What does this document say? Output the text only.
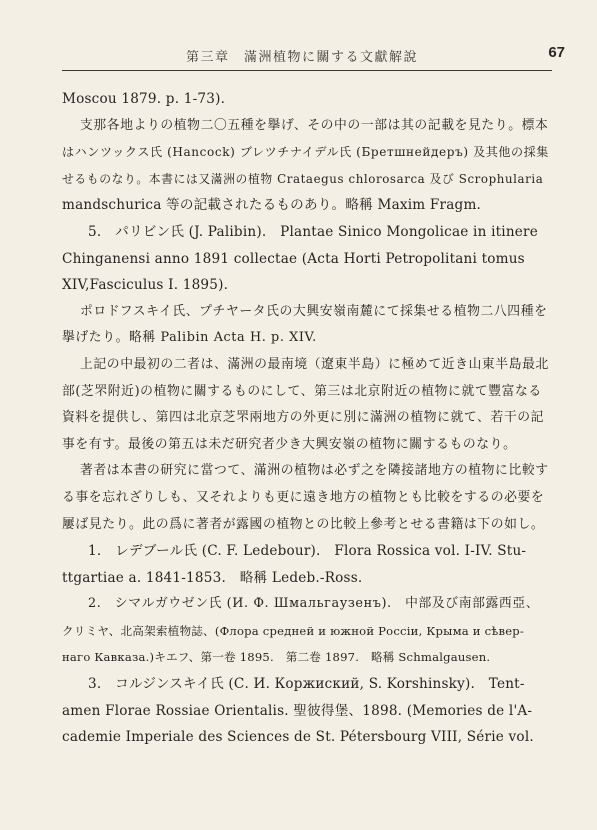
第三章　滿洲植物に關する文獻解說	67
Moscou 1879. p. 1-73).
支那各地よりの植物二〇五種を擧げ、その中の一部は其の記載を見たり。標本
はハンツックス氏 (Hancock) ブレツチナイデル氏 (Бретшнейдеръ) 及其他の採集
せるものなり。本書には又滿洲の植物 Crataegus chlorosarca 及び Scrophularia
mandschurica 等の記載されたるものあり。略稱 Maxim Fragm.
5.　パリビン氏 (J. Palibin).　Plantae Sinico Mongolicae in itinere
Chinganensi anno 1891 collectae (Acta Horti Petropolitani tomus
XIV,Fasciculus I. 1895).
ポロドフスキイ氏、プチヤータ氏の大興安嶺南麓にて採集せる植物二八四種を
擧げたり。略稱 Palibin Acta H. p. XIV.
上記の中最初の二者は、滿洲の最南境（遼東半島）に極めて近き山東半島最北
部(芝罘附近)の植物に關するものにして、第三は北京附近の植物に就て豐富なる
資料を提供し、第四は北京芝罘兩地方の外更に別に滿洲の植物に就て、若干の記
事を有す。最後の第五は未だ研究者少き大興安嶺の植物に關するものなり。
著者は本書の研究に當つて、滿洲の植物は必ず之を隣接諸地方の植物に比較す
る事を忘れざりしも、又それよりも更に遠き地方の植物とも比較をするの必要を
屢ば見たり。此の爲に著者が露國の植物との比較上參考とせる書籍は下の如し。
1.　レデブール氏 (C. F. Ledebour).　Flora Rossica vol. I-IV. Stu-
ttgartiae a. 1841-1853.　略稱 Ledeb.-Ross.
2.　シマルガウゼン氏 (И. Ф. Шмальгаузенъ).　中部及び南部露西亞、
クリミヤ、北高架索植物誌、(Флора средней и южной Россіи, Крыма и сѣвер-
наго Кавказа.)キエフ、第一卷 1895.　第二卷 1897.　略稱 Schmalgausen.
3.　コルジンスキイ氏 (С. И. Коржиский, S. Korshinsky).　Tent-
amen Florae Rossiae Orientalis. 聖彼得堡、1898. (Memories de l'A-
cademie Imperiale des Sciences de St. Pétersbourg VIII, Série vol.
